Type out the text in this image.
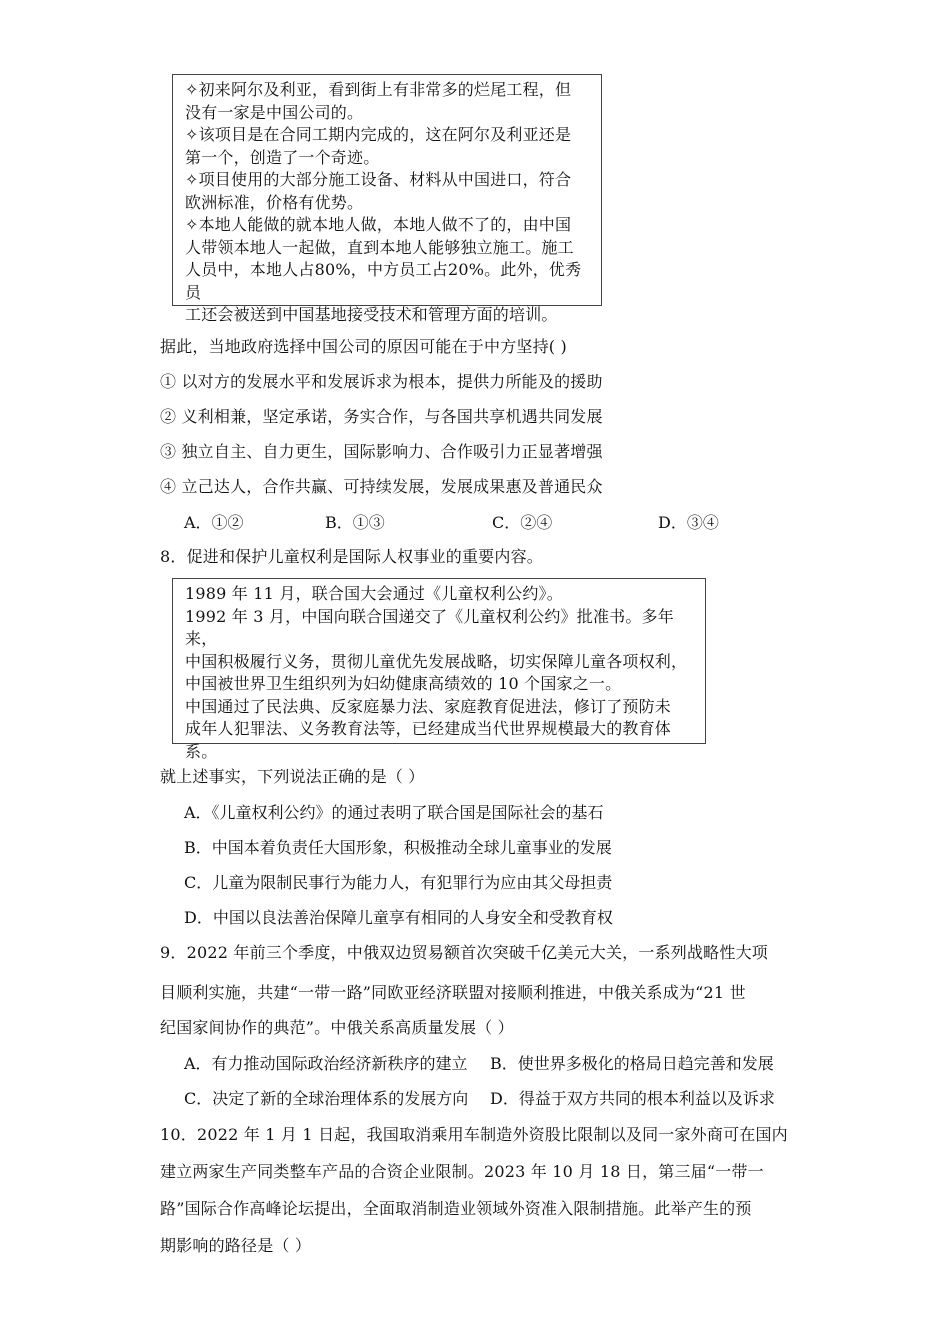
✧初来阿尔及利亚，看到街上有非常多的烂尾工程，但

没有一家是中国公司的。

✧该项目是在合同工期内完成的，这在阿尔及利亚还是

第一个，创造了一个奇迹。

✧项目使用的大部分施工设备、材料从中国进口，符合

欧洲标准，价格有优势。

✧本地人能做的就本地人做，本地人做不了的，由中国

人带领本地人一起做，直到本地人能够独立施工。施工

人员中，本地人占80%，中方员工占20%。此外，优秀员

工还会被送到中国基地接受技术和管理方面的培训。

据此，当地政府选择中国公司的原因可能在于中方坚持( )
① 以对方的发展水平和发展诉求为根本，提供力所能及的援助
② 义利相兼，坚定承诺，务实合作，与各国共享机遇共同发展
③ 独立自主、自力更生，国际影响力、合作吸引力正显著增强
④ 立己达人，合作共赢、可持续发展，发展成果惠及普通民众
A．①②	B．①③	C．②④	D．③④
8．促进和保护儿童权利是国际人权事业的重要内容。

1989 年 11 月，联合国大会通过《儿童权利公约》。

1992 年 3 月，中国向联合国递交了《儿童权利公约》批准书。多年来，

中国积极履行义务，贯彻儿童优先发展战略，切实保障儿童各项权利，

中国被世界卫生组织列为妇幼健康高绩效的 10 个国家之一。

中国通过了民法典、反家庭暴力法、家庭教育促进法，修订了预防未

成年人犯罪法、义务教育法等，已经建成当代世界规模最大的教育体

系。

就上述事实，下列说法正确的是（ ）
A．《儿童权利公约》的通过表明了联合国是国际社会的基石
B．中国本着负责任大国形象，积极推动全球儿童事业的发展
C．儿童为限制民事行为能力人，有犯罪行为应由其父母担责
D．中国以良法善治保障儿童享有相同的人身安全和受教育权
9．2022 年前三个季度，中俄双边贸易额首次突破千亿美元大关，一系列战略性大项
目顺利实施，共建“一带一路”同欧亚经济联盟对接顺利推进，中俄关系成为“21 世
纪国家间协作的典范”。中俄关系高质量发展（ ）
A．有力推动国际政治经济新秩序的建立 B．使世界多极化的格局日趋完善和发展
C．决定了新的全球治理体系的发展方向 D．得益于双方共同的根本利益以及诉求
10．2022 年 1 月 1 日起，我国取消乘用车制造外资股比限制以及同一家外商可在国内
建立两家生产同类整车产品的合资企业限制。2023 年 10 月 18 日，第三届“一带一
路”国际合作高峰论坛提出，全面取消制造业领域外资准入限制措施。此举产生的预
期影响的路径是（ ）
